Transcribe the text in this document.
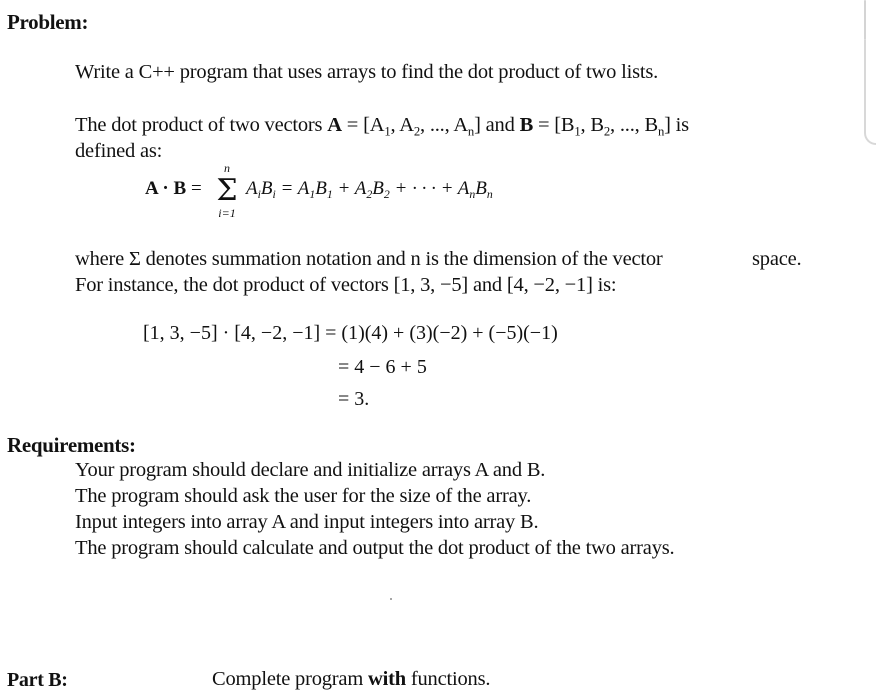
Problem:
Write a C++ program that uses arrays to find the dot product of two lists.
The dot product of two vectors $A = [A_1$, $A_2$, ..., $A_n$] and $B = [B_1$, $B_2$, ..., $B_n$] is
defined as:
A · B =
n
Σ
i=1
$A_iB_i = A_1B_1 + A_2B_2$ + · · · + $A_nB_n$
where Σ denotes summation notation and n is the dimension of the vector	space.
For instance, the dot product of vectors [1, 3, −5] and [4, −2, −1] is:
[1, 3, −5] · [4, −2, −1] = (1)(4) + (3)(−2) + (−5)(−1)
= 4 − 6 + 5
= 3.
Requirements:
Your program should declare and initialize arrays A and B.
The program should ask the user for the size of the array.
Input integers into array A and input integers into array B.
The program should calculate and output the dot product of the two arrays.
Part B:	Complete program with functions.
